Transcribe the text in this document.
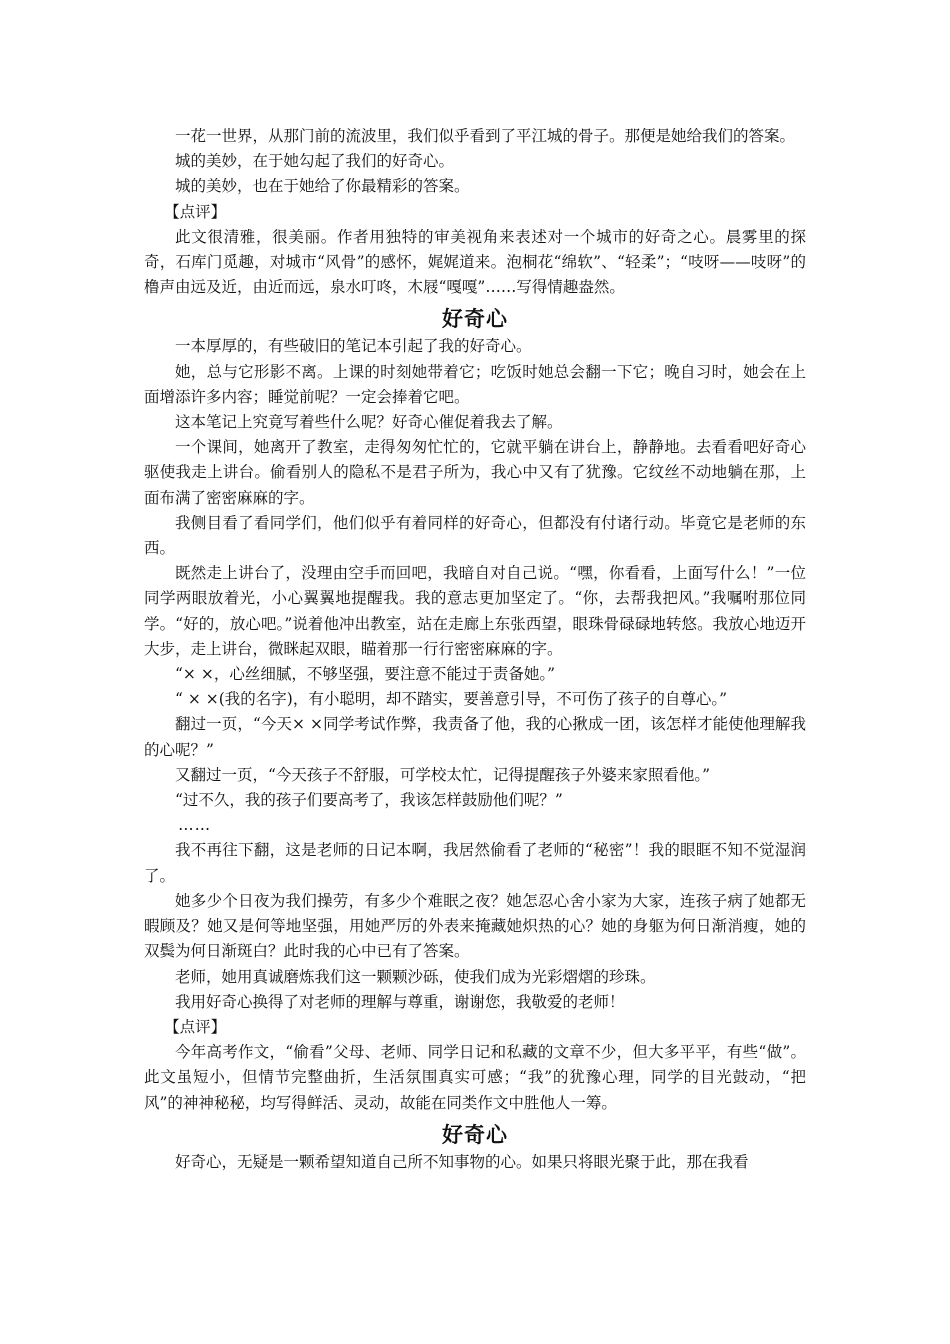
一花一世界，从那门前的流波里，我们似乎看到了平江城的骨子。那便是她给我们的答案。

城的美妙，在于她勾起了我们的好奇心。

城的美妙，也在于她给了你最精彩的答案。

【点评】

此文很清雅，很美丽。作者用独特的审美视角来表述对一个城市的好奇之心。晨雾里的探奇，石库门觅趣，对城市“风骨”的感怀，娓娓道来。泡桐花“绵软”、“轻柔”；“吱呀——吱呀”的橹声由远及近，由近而远，泉水叮咚，木屐“嘎嘎”……写得情趣盎然。

好奇心

一本厚厚的，有些破旧的笔记本引起了我的好奇心。

她，总与它形影不离。上课的时刻她带着它；吃饭时她总会翻一下它；晚自习时，她会在上面增添许多内容；睡觉前呢？一定会捧着它吧。

这本笔记上究竟写着些什么呢？好奇心催促着我去了解。

一个课间，她离开了教室，走得匆匆忙忙的，它就平躺在讲台上，静静地。去看看吧好奇心驱使我走上讲台。偷看别人的隐私不是君子所为，我心中又有了犹豫。它纹丝不动地躺在那，上面布满了密密麻麻的字。

我侧目看了看同学们，他们似乎有着同样的好奇心，但都没有付诸行动。毕竟它是老师的东西。

既然走上讲台了，没理由空手而回吧，我暗自对自己说。“嘿，你看看，上面写什么！”一位同学两眼放着光，小心翼翼地提醒我。我的意志更加坚定了。“你，去帮我把风。”我嘱咐那位同学。“好的，放心吧。”说着他冲出教室，站在走廊上东张西望，眼珠骨碌碌地转悠。我放心地迈开大步，走上讲台，微眯起双眼，瞄着那一行行密密麻麻的字。

“× ×，心丝细腻，不够坚强，要注意不能过于责备她。”

“ × ×(我的名字)，有小聪明，却不踏实，要善意引导，不可伤了孩子的自尊心。”

翻过一页，“今天× ×同学考试作弊，我责备了他，我的心揪成一团，该怎样才能使他理解我的心呢？”

又翻过一页，“今天孩子不舒服，可学校太忙，记得提醒孩子外婆来家照看他。”

“过不久，我的孩子们要高考了，我该怎样鼓励他们呢？”

……

我不再往下翻，这是老师的日记本啊，我居然偷看了老师的“秘密”！我的眼眶不知不觉湿润了。

她多少个日夜为我们操劳，有多少个难眠之夜？她怎忍心舍小家为大家，连孩子病了她都无暇顾及？她又是何等地坚强，用她严厉的外表来掩藏她炽热的心？她的身躯为何日渐消瘦，她的双鬓为何日渐斑白？此时我的心中已有了答案。

老师，她用真诚磨炼我们这一颗颗沙砾，使我们成为光彩熠熠的珍珠。

我用好奇心换得了对老师的理解与尊重，谢谢您，我敬爱的老师！

【点评】

今年高考作文，“偷看”父母、老师、同学日记和私藏的文章不少，但大多平平，有些“做”。此文虽短小，但情节完整曲折，生活氛围真实可感；“我”的犹豫心理，同学的目光鼓动，“把风”的神神秘秘，均写得鲜活、灵动，故能在同类作文中胜他人一筹。

好奇心

好奇心，无疑是一颗希望知道自己所不知事物的心。如果只将眼光聚于此，那在我看
